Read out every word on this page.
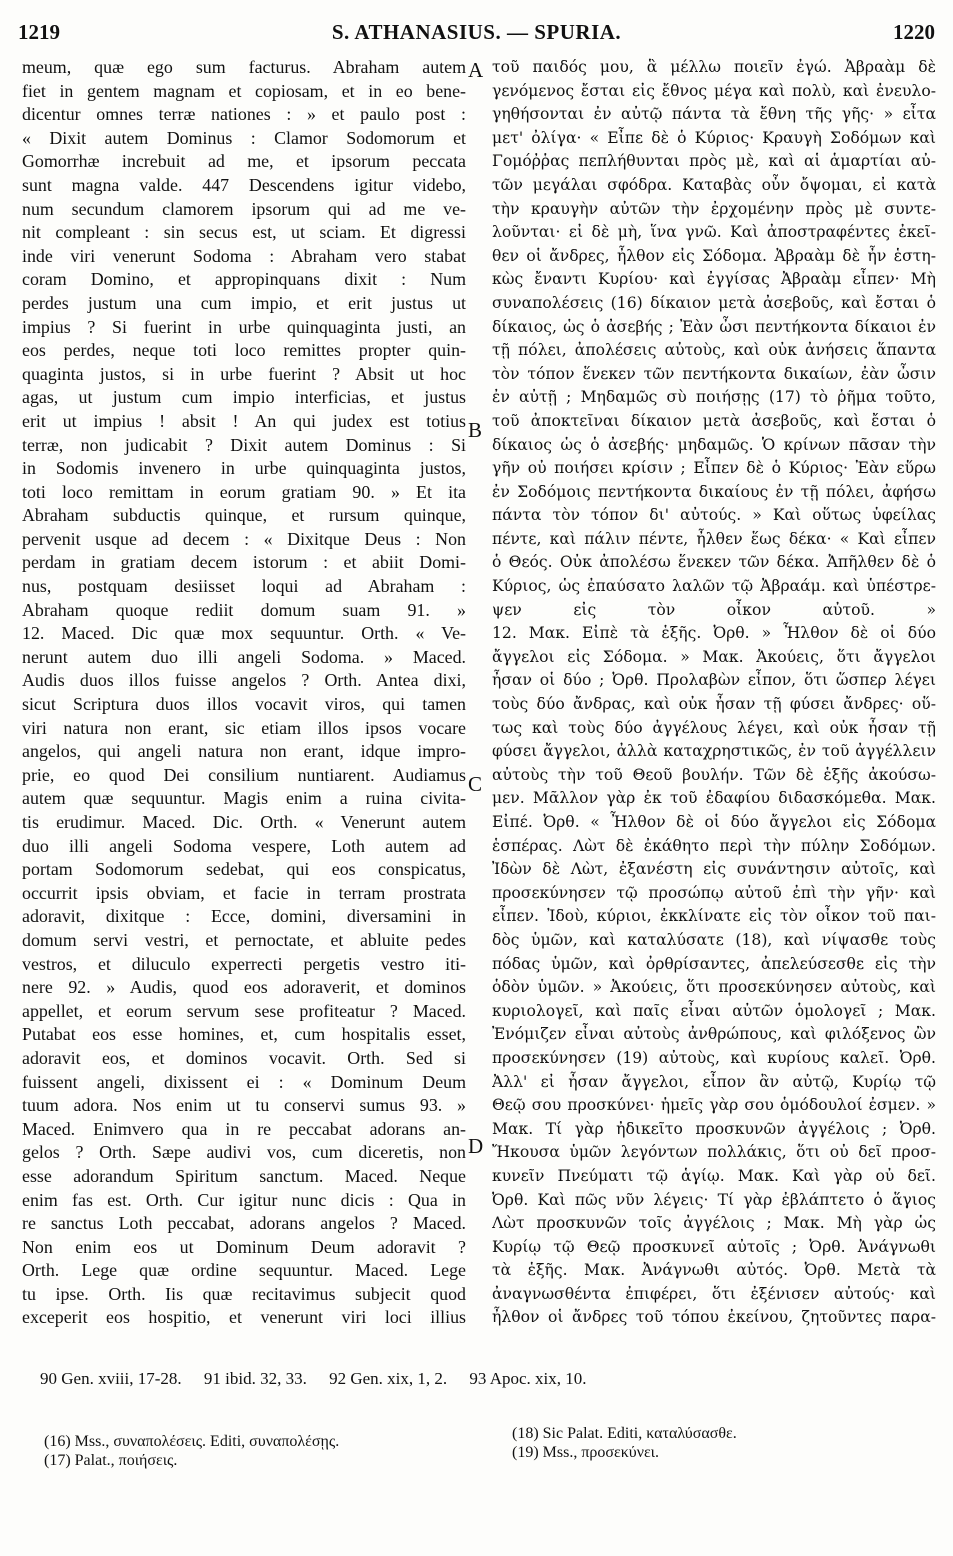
1219	S. ATHANASIUS. — SPURIA.	1220

meum, quæ ego sum facturus. Abraham autem

fiet in gentem magnam et copiosam, et in eo bene-

dicentur omnes terræ nationes : » et paulo post :

« Dixit autem Dominus : Clamor Sodomorum et

Gomorrhæ increbuit ad me, et ipsorum peccata

sunt magna valde. 447 Descendens igitur videbo,

num secundum clamorem ipsorum qui ad me ve-

nit compleant : sin secus est, ut sciam. Et digressi

inde viri venerunt Sodoma : Abraham vero stabat

coram Domino, et appropinquans dixit : Num

perdes justum una cum impio, et erit justus ut

impius ? Si fuerint in urbe quinquaginta justi, an

eos perdes, neque toti loco remittes propter quin-

quaginta justos, si in urbe fuerint ? Absit ut hoc

agas, ut justum cum impio interficias, et justus

erit ut impius ! absit ! An qui judex est totius

terræ, non judicabit ? Dixit autem Dominus : Si

in Sodomis invenero in urbe quinquaginta justos,

toti loco remittam in eorum gratiam 90. » Et ita

Abraham subductis quinque, et rursum quinque,

pervenit usque ad decem : « Dixitque Deus : Non

perdam in gratiam decem istorum : et abiit Domi-

nus, postquam desiisset loqui ad Abraham :

Abraham quoque rediit domum suam 91. »

12. Maced. Dic quæ mox sequuntur. Orth. « Ve-

nerunt autem duo illi angeli Sodoma. » Maced.

Audis duos illos fuisse angelos ? Orth. Antea dixi,

sicut Scriptura duos illos vocavit viros, qui tamen

viri natura non erant, sic etiam illos ipsos vocare

angelos, qui angeli natura non erant, idque impro-

prie, eo quod Dei consilium nuntiarent. Audiamus

autem quæ sequuntur. Magis enim a ruina civita-

tis erudimur. Maced. Dic. Orth. « Venerunt autem

duo illi angeli Sodoma vespere, Loth autem ad

portam Sodomorum sedebat, qui eos conspicatus,

occurrit ipsis obviam, et facie in terram prostrata

adoravit, dixitque : Ecce, domini, diversamini in

domum servi vestri, et pernoctate, et abluite pedes

vestros, et diluculo experrecti pergetis vestro iti-

nere 92. » Audis, quod eos adoraverit, et dominos

appellet, et eorum servum sese profiteatur ? Maced.

Putabat eos esse homines, et, cum hospitalis esset,

adoravit eos, et dominos vocavit. Orth. Sed si

fuissent angeli, dixissent ei : « Dominum Deum

tuum adora. Nos enim ut tu conservi sumus 93. »

Maced. Enimvero qua in re peccabat adorans an-

gelos ? Orth. Sæpe audivi vos, cum diceretis, non

esse adorandum Spiritum sanctum. Maced. Neque

enim fas est. Orth. Cur igitur nunc dicis : Qua in

re sanctus Loth peccabat, adorans angelos ? Maced.

Non enim eos ut Dominum Deum adoravit ?

Orth. Lege quæ ordine sequuntur. Maced. Lege

tu ipse. Orth. Iis quæ recitavimus subjecit quod

exceperit eos hospitio, et venerunt viri loci illius

τοῦ παιδός μου, ἃ μέλλω ποιεῖν ἐγώ. Ἀβραὰμ δὲ

γενόμενος ἔσται εἰς ἔθνος μέγα καὶ πολὺ, καὶ ἐνευλο-

γηθήσονται ἐν αὐτῷ πάντα τὰ ἔθνη τῆς γῆς· » εἶτα

μετ' ὀλίγα· « Εἶπε δὲ ὁ Κύριος· Κραυγὴ Σοδόμων καὶ

Γομόῤῥας πεπλήθυνται πρὸς μὲ, καὶ αἱ ἁμαρτίαι αὐ-

τῶν μεγάλαι σφόδρα. Καταβὰς οὖν ὄψομαι, εἰ κατὰ

τὴν κραυγὴν αὐτῶν τὴν ἐρχομένην πρὸς μὲ συντε-

λοῦνται· εἰ δὲ μὴ, ἵνα γνῶ. Καὶ ἀποστραφέντες ἐκεῖ-

θεν οἱ ἄνδρες, ἦλθον εἰς Σόδομα. Ἀβραὰμ δὲ ἦν ἑστη-

κὼς ἔναντι Κυρίου· καὶ ἐγγίσας Ἀβραὰμ εἶπεν· Μὴ

συναπολέσεις (16) δίκαιον μετὰ ἀσεβοῦς, καὶ ἔσται ὁ

δίκαιος, ὡς ὁ ἀσεβής ; Ἐὰν ὦσι πεντήκοντα δίκαιοι ἐν

τῇ πόλει, ἀπολέσεις αὐτοὺς, καὶ οὐκ ἀνήσεις ἅπαντα

τὸν τόπον ἕνεκεν τῶν πεντήκοντα δικαίων, ἐὰν ὦσιν

ἐν αὐτῇ ; Μηδαμῶς σὺ ποιήσῃς (17) τὸ ῥῆμα τοῦτο,

τοῦ ἀποκτεῖναι δίκαιον μετὰ ἀσεβοῦς, καὶ ἔσται ὁ

δίκαιος ὡς ὁ ἀσεβής· μηδαμῶς. Ὁ κρίνων πᾶσαν τὴν

γῆν οὐ ποιήσει κρίσιν ; Εἶπεν δὲ ὁ Κύριος· Ἐὰν εὕρω

ἐν Σοδόμοις πεντήκοντα δικαίους ἐν τῇ πόλει, ἀφήσω

πάντα τὸν τόπον δι' αὐτούς. » Καὶ οὕτως ὑφείλας

πέντε, καὶ πάλιν πέντε, ἦλθεν ἕως δέκα· « Καὶ εἶπεν

ὁ Θεός. Οὐκ ἀπολέσω ἕνεκεν τῶν δέκα. Ἀπῆλθεν δὲ ὁ

Κύριος, ὡς ἐπαύσατο λαλῶν τῷ Ἀβραάμ. καὶ ὑπέστρε-

ψεν εἰς τὸν οἶκον αὐτοῦ. »

12. Μακ. Εἰπὲ τὰ ἑξῆς. Ὀρθ. » Ἦλθον δὲ οἱ δύο

ἄγγελοι εἰς Σόδομα. » Μακ. Ἀκούεις, ὅτι ἄγγελοι

ἦσαν οἱ δύο ; Ὀρθ. Προλαβὼν εἶπον, ὅτι ὥσπερ λέγει

τοὺς δύο ἄνδρας, καὶ οὐκ ἦσαν τῇ φύσει ἄνδρες· οὕ-

τως καὶ τοὺς δύο ἀγγέλους λέγει, καὶ οὐκ ἦσαν τῇ

φύσει ἄγγελοι, ἀλλὰ καταχρηστικῶς, ἐν τοῦ ἀγγέλλειν

αὐτοὺς τὴν τοῦ Θεοῦ βουλήν. Τῶν δὲ ἑξῆς ἀκούσω-

μεν. Μᾶλλον γὰρ ἐκ τοῦ ἐδαφίου διδασκόμεθα. Μακ.

Εἰπέ. Ὀρθ. « Ἦλθον δὲ οἱ δύο ἄγγελοι εἰς Σόδομα

ἑσπέρας. Λὼτ δὲ ἐκάθητο περὶ τὴν πύλην Σοδόμων.

Ἰδὼν δὲ Λὼτ, ἐξανέστη εἰς συνάντησιν αὐτοῖς, καὶ

προσεκύνησεν τῷ προσώπῳ αὐτοῦ ἐπὶ τὴν γῆν· καὶ

εἶπεν. Ἰδοὺ, κύριοι, ἐκκλίνατε εἰς τὸν οἶκον τοῦ παι-

δὸς ὑμῶν, καὶ καταλύσατε (18), καὶ νίψασθε τοὺς

πόδας ὑμῶν, καὶ ὀρθρίσαντες, ἀπελεύσεσθε εἰς τὴν

ὁδὸν ὑμῶν. » Ἀκούεις, ὅτι προσεκύνησεν αὐτοὺς, καὶ

κυριολογεῖ, καὶ παῖς εἶναι αὐτῶν ὁμολογεῖ ; Μακ.

Ἐνόμιζεν εἶναι αὐτοὺς ἀνθρώπους, καὶ φιλόξενος ὢν

προσεκύνησεν (19) αὐτοὺς, καὶ κυρίους καλεῖ. Ὀρθ.

Ἀλλ' εἰ ἦσαν ἄγγελοι, εἶπον ἂν αὐτῷ, Κυρίῳ τῷ

Θεῷ σου προσκύνει· ἡμεῖς γὰρ σου ὁμόδουλοί ἐσμεν. »

Μακ. Τί γὰρ ἠδικεῖτο προσκυνῶν ἀγγέλοις ; Ὀρθ.

Ἤκουσα ὑμῶν λεγόντων πολλάκις, ὅτι οὐ δεῖ προσ-

κυνεῖν Πνεύματι τῷ ἁγίῳ. Μακ. Καὶ γὰρ οὐ δεῖ.

Ὀρθ. Καὶ πῶς νῦν λέγεις· Τί γὰρ ἐβλάπτετο ὁ ἅγιος

Λὼτ προσκυνῶν τοῖς ἀγγέλοις ; Μακ. Μὴ γὰρ ὡς

Κυρίῳ τῷ Θεῷ προσκυνεῖ αὐτοῖς ; Ὀρθ. Ἀνάγνωθι

τὰ ἑξῆς. Μακ. Ἀνάγνωθι αὐτός. Ὀρθ. Μετὰ τὰ

ἀναγνωσθέντα ἐπιφέρει, ὅτι ἐξένισεν αὐτούς· καὶ

ἦλθον οἱ ἄνδρες τοῦ τόπου ἐκείνου, ζητοῦντες παρα-

A
B
C
D
90 Gen. xviii, 17-28. 91 ibid. 32, 33. 92 Gen. xix, 1, 2. 93 Apoc. xix, 10.
(16) Mss., συναπολέσεις. Editi, συναπολέσῃς.
(17) Palat., ποιήσεις.
(18) Sic Palat. Editi, καταλύσασθε.
(19) Mss., προσεκύνει.
